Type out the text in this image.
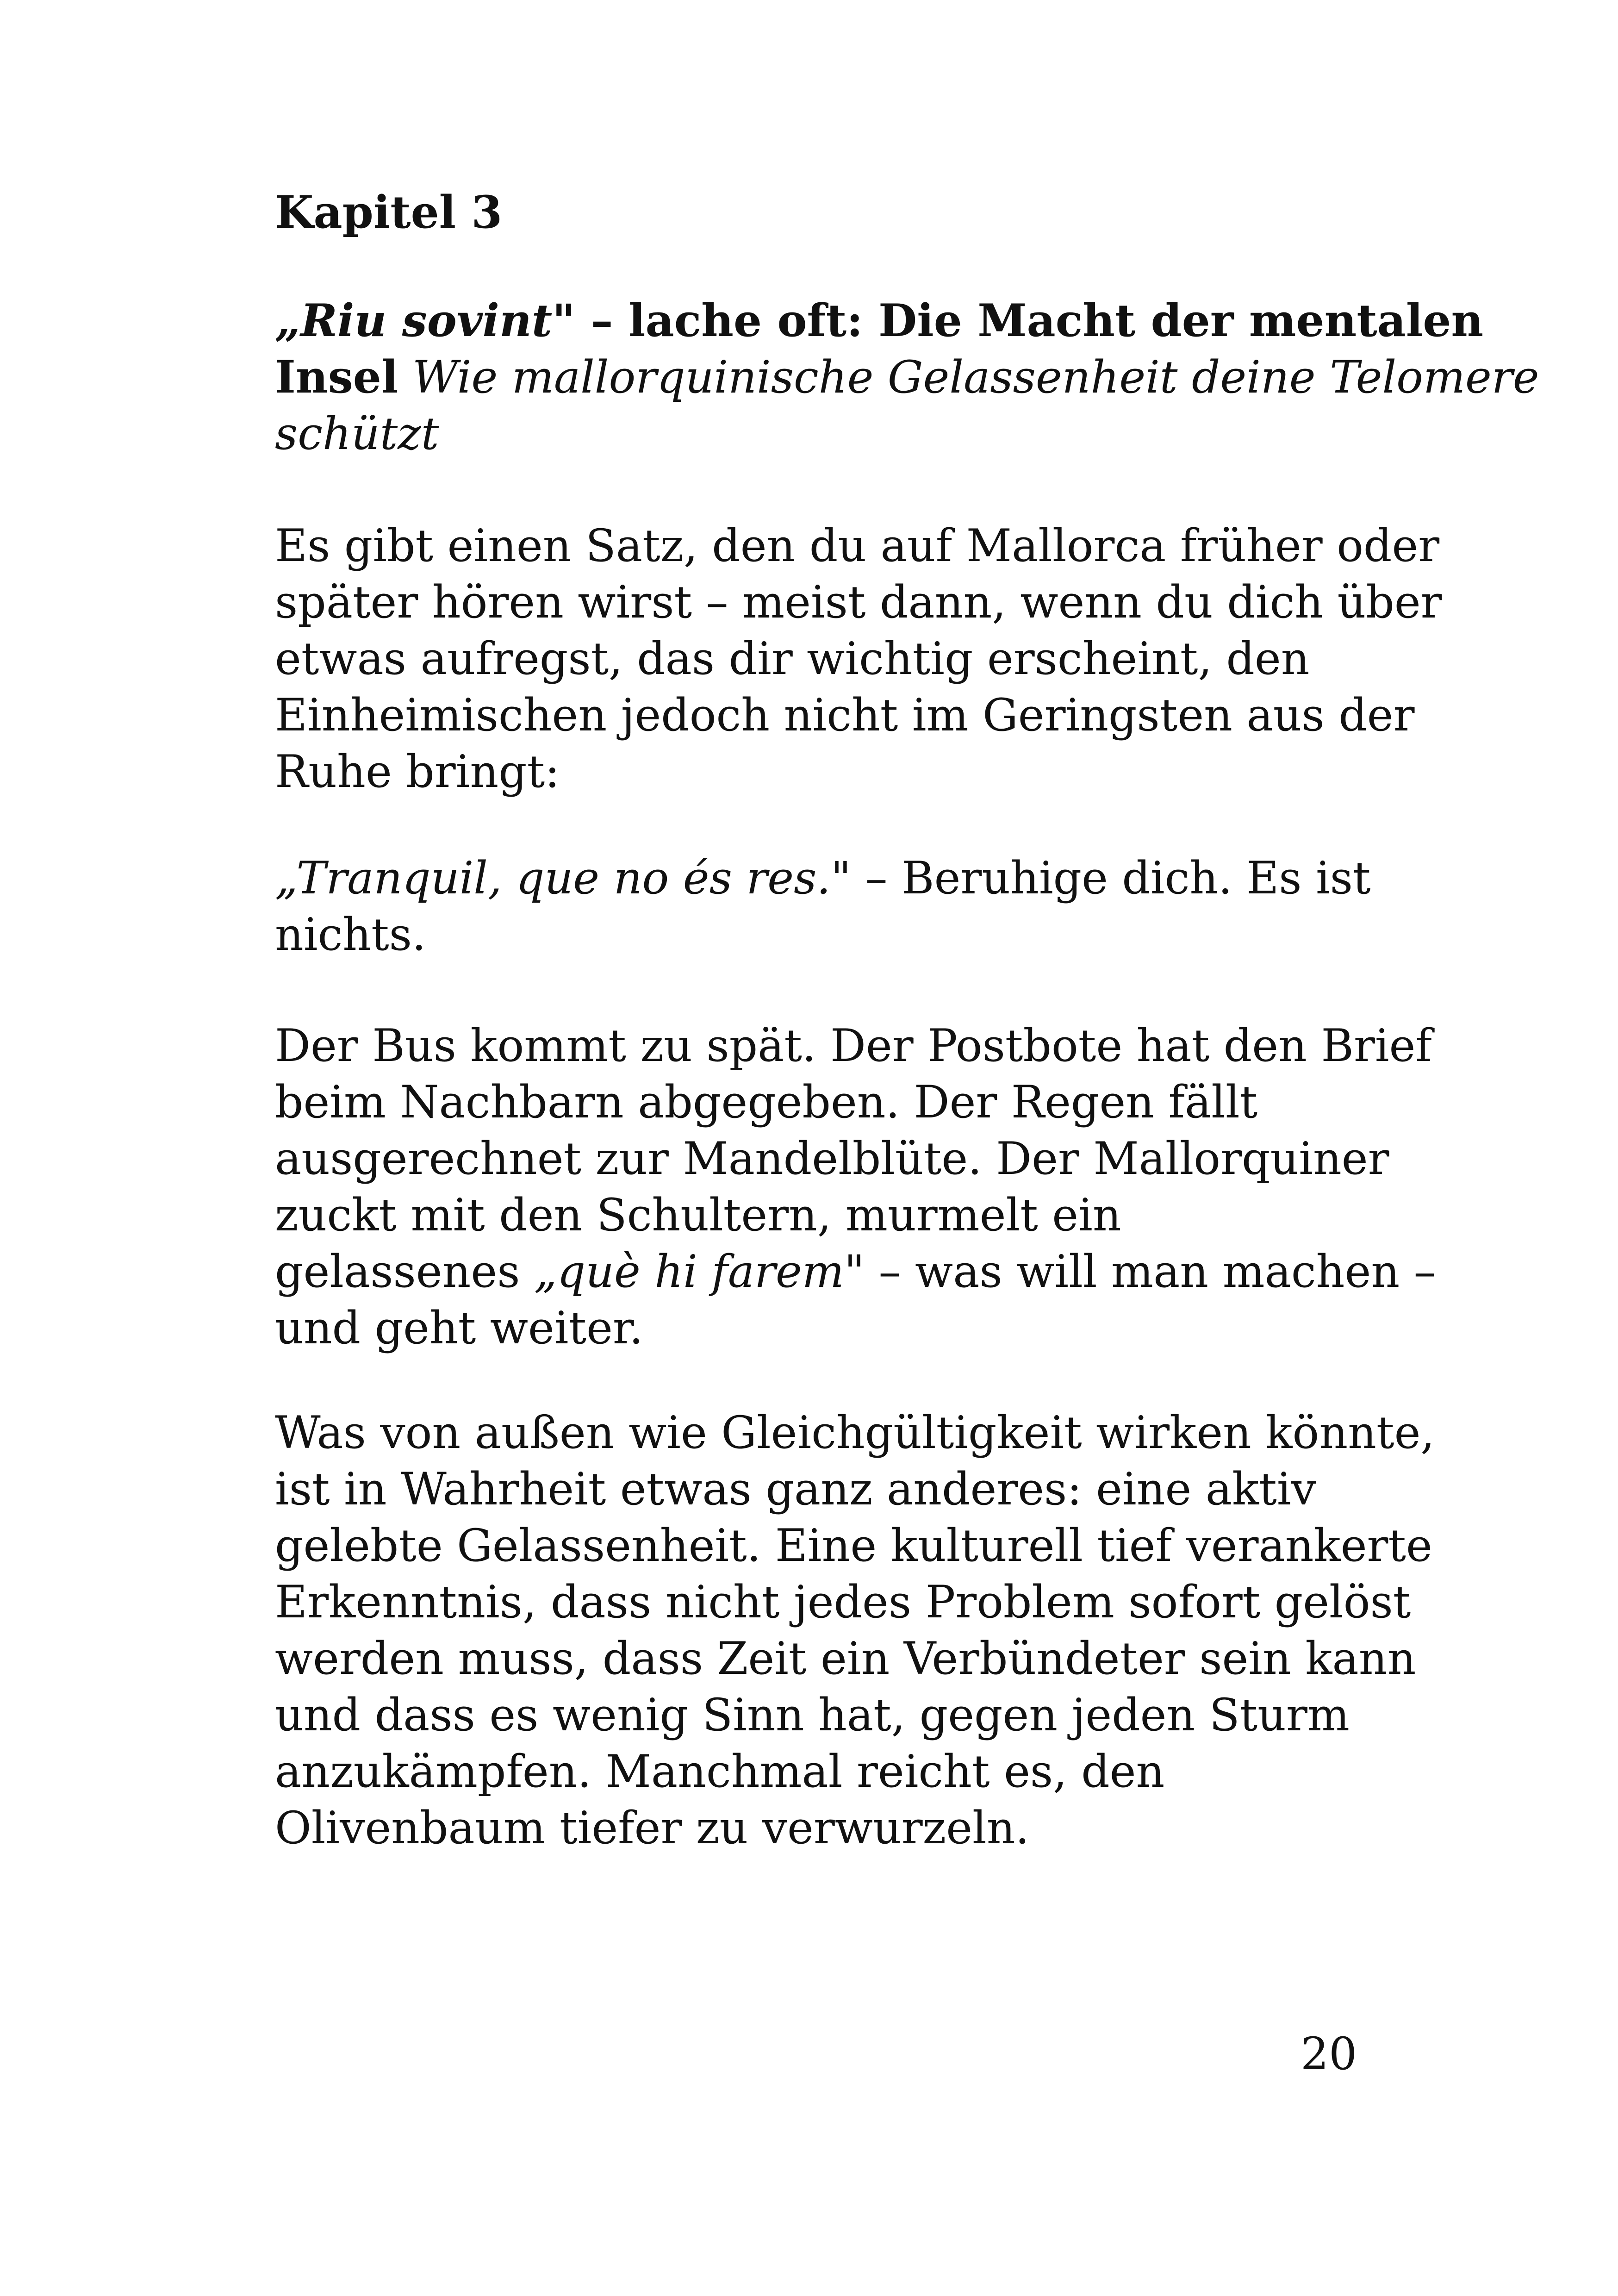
Kapitel 3
„Riu sovint" – lache oft: Die Macht der mentalen
Insel Wie mallorquinische Gelassenheit deine Telomere
schützt

Es gibt einen Satz, den du auf Mallorca früher oder
später hören wirst – meist dann, wenn du dich über
etwas aufregst, das dir wichtig erscheint, den
Einheimischen jedoch nicht im Geringsten aus der
Ruhe bringt:

„Tranquil, que no és res." – Beruhige dich. Es ist
nichts.

Der Bus kommt zu spät. Der Postbote hat den Brief
beim Nachbarn abgegeben. Der Regen fällt
ausgerechnet zur Mandelblüte. Der Mallorquiner
zuckt mit den Schultern, murmelt ein
gelassenes „què hi farem" – was will man machen –
und geht weiter.

Was von außen wie Gleichgültigkeit wirken könnte,
ist in Wahrheit etwas ganz anderes: eine aktiv
gelebte Gelassenheit. Eine kulturell tief verankerte
Erkenntnis, dass nicht jedes Problem sofort gelöst
werden muss, dass Zeit ein Verbündeter sein kann
und dass es wenig Sinn hat, gegen jeden Sturm
anzukämpfen. Manchmal reicht es, den
Olivenbaum tiefer zu verwurzeln.

20
